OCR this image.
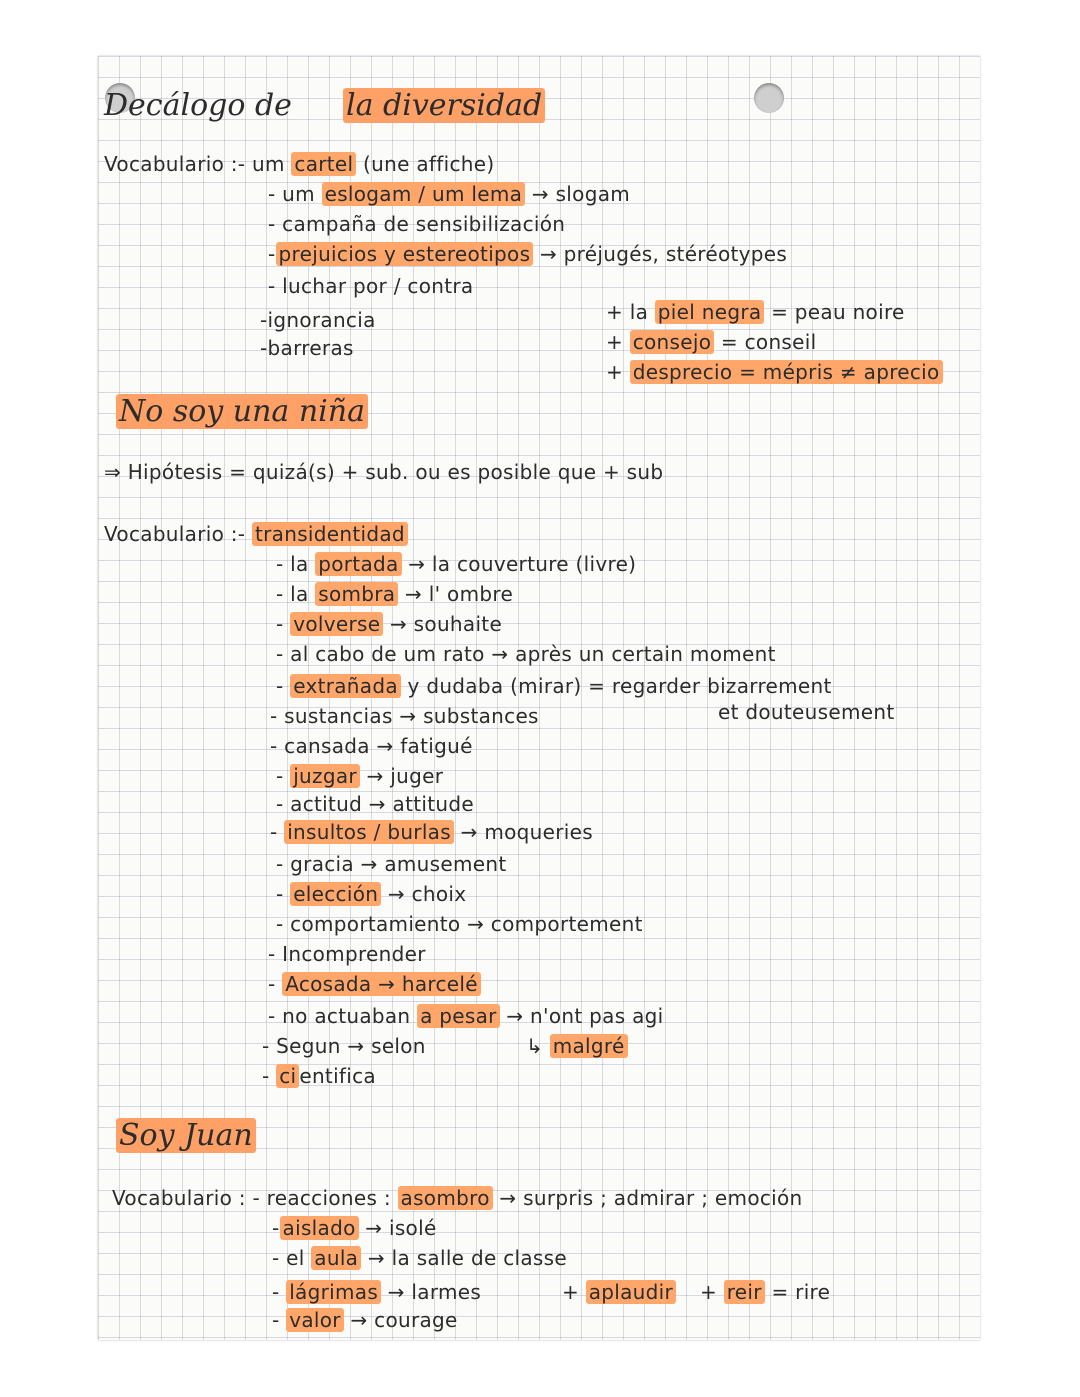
Decálogo de la diversidad
Vocabulario :- um cartel (une affiche)
- um eslogam / um lema → slogam
- campaña de sensibilización
- prejuicios y estereotipos → préjugés, stéréotypes
- luchar por / contra
-ignorancia
-barreras
+ la piel negra = peau noire
+ consejo = conseil
+ desprecio = mépris ≠ aprecio
No soy una niña
⇒ Hipótesis = quizá(s) + sub. ou es posible que + sub
Vocabulario :- transidentidad
- la portada → la couverture (livre)
- la sombra → l' ombre
- volverse → souhaite
- al cabo de um rato → après un certain moment
- extrañada y dudaba (mirar) = regarder bizarrement
- sustancias → substances	et douteusement
- cansada → fatigué
- juzgar → juger
- actitud → attitude
- insultos / burlas → moqueries
- gracia → amusement
- elección → choix
- comportamiento → comportement
- Incomprender
- Acosada → harcelé
- no actuaban a pesar → n'ont pas agi
↳ malgré
- Segun → selon
- ci entifica
Soy Juan
Vocabulario : - reacciones : asombro → surpris ; admirar ; emoción
- aislado → isolé
- el aula → la salle de classe
- lágrimas → larmes	+ aplaudir + reir = rire
- valor → courage
